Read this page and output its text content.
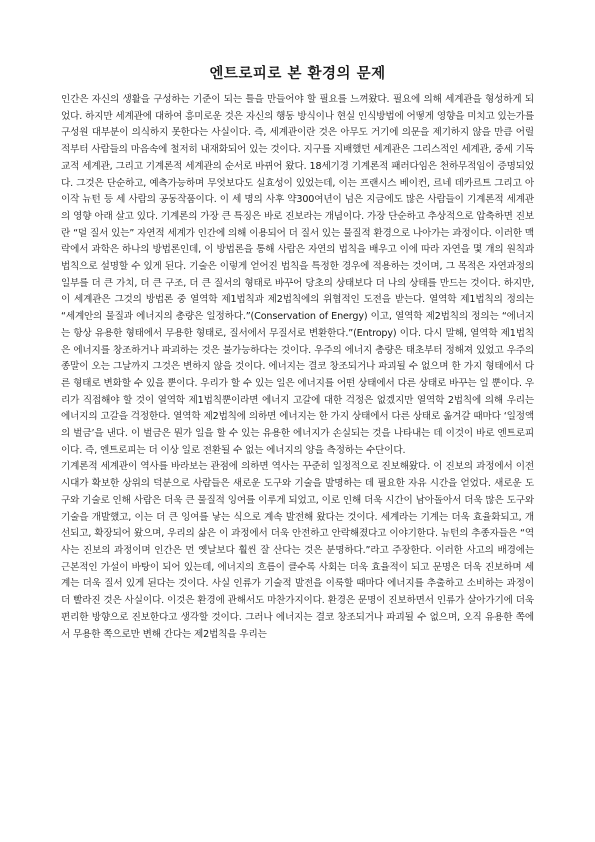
엔트로피로 본 환경의 문제

인간은 자신의 생활을 구성하는 기준이 되는 틀을 만들어야 할 필요를 느껴왔다. 필요에 의해 세계관을 형성하게 되었다. 하지만 세계관에 대하여 흥미로운 것은 자신의 행동 방식이나 현실 인식방법에 어떻게 영향을 미치고 있는가를 구성원 대부분이 의식하지 못한다는 사실이다. 즉, 세계관이란 것은 아무도 거기에 의문을 제기하지 않을 만큼 어릴 적부터 사람들의 마음속에 철저히 내재화되어 있는 것이다. 지구를 지배했던 세계관은 그리스적인 세계관, 중세 기독교적 세계관, 그리고 기계론적 세계관의 순서로 바뀌어 왔다. 18세기경 기계론적 패러다임은 천하무적임이 증명되었다. 그것은 단순하고, 예측가능하며 무엇보다도 실효성이 있었는데, 이는 프랜시스 베이컨, 르네 데카르트 그리고 아이작 뉴턴 등 세 사람의 공동작품이다. 이 세 명의 사후 약300여년이 넘은 지금에도 많은 사람들이 기계론적 세계관의 영향 아래 살고 있다. 기계론의 가장 큰 특징은 바로 진보라는 개념이다. 가장 단순하고 추상적으로 압축하면 진보란 “덜 질서 있는” 자연적 세계가 인간에 의해 이용되어 더 질서 있는 물질적 환경으로 나아가는 과정이다. 이러한 맥락에서 과학은 하나의 방법론인데, 이 방법론을 통해 사람은 자연의 법칙을 배우고 이에 따라 자연을 몇 개의 원칙과 법칙으로 설명할 수 있게 된다. 기술은 이렇게 얻어진 법칙을 특정한 경우에 적용하는 것이며, 그 목적은 자연과정의 일부를 더 큰 가치, 더 큰 구조, 더 큰 질서의 형태로 바꾸어 당초의 상태보다 더 나의 상태를 만드는 것이다. 하지만, 이 세계관은 그것의 방법론 중 열역학 제1법칙과 제2법칙에의 위협적인 도전을 받는다. 열역학 제1법칙의 정의는 “세계안의 물질과 에너지의 총량은 일정하다.”(Conservation of Energy) 이고, 열역학 제2법칙의 정의는 “에너지는 항상 유용한 형태에서 무용한 형태로, 질서에서 무질서로 변환한다.”(Entropy) 이다. 다시 말해, 열역학 제1법칙은 에너지를 창조하거나 파괴하는 것은 불가능하다는 것이다. 우주의 에너지 총량은 태초부터 정해져 있었고 우주의 종말이 오는 그날까지 그것은 변하지 않을 것이다. 에너지는 결코 창조되거나 파괴될 수 없으며 한 가지 형태에서 다른 형태로 변화할 수 있을 뿐이다. 우리가 할 수 있는 일은 에너지를 어떤 상태에서 다른 상태로 바꾸는 일 뿐이다. 우리가 직접해야 할 것이 열역학 제1법칙뿐이라면 에너지 고갈에 대한 걱정은 없겠지만 열역학 2법칙에 의해 우리는 에너지의 고갈을 걱정한다. 열역학 제2법칙에 의하면 에너지는 한 가지 상태에서 다른 상태로 옮겨갈 때마다 ‘일정액의 벌금’을 낸다. 이 벌금은 뭔가 일을 할 수 있는 유용한 에너지가 손실되는 것을 나타내는 데 이것이 바로 엔트로피이다. 즉, 엔트로피는 더 이상 일로 전환될 수 없는 에너지의 양을 측정하는 수단이다.

기계론적 세계관이 역사를 바라보는 관점에 의하면 역사는 꾸준히 일정적으로 진보해왔다. 이 진보의 과정에서 이전 시대가 확보한 상위의 덕분으로 사람들은 새로운 도구와 기술을 발명하는 데 필요한 자유 시간을 얻었다. 새로운 도구와 기술로 인해 사람은 더욱 큰 물질적 잉여를 이루게 되었고, 이로 인해 더욱 시간이 남아돌아서 더욱 많은 도구와 기술을 개발했고, 이는 더 큰 잉여를 낳는 식으로 계속 발전해 왔다는 것이다. 세계라는 기계는 더욱 효율화되고, 개선되고, 확장되어 왔으며, 우리의 삶은 이 과정에서 더욱 안전하고 안락해졌다고 이야기한다. 뉴턴의 추종자들은 “역사는 진보의 과정이며 인간은 먼 옛날보다 훨씬 잘 산다는 것은 분명하다.”라고 주장한다. 이러한 사고의 배경에는 근본적인 가설이 바탕이 되어 있는데, 에너지의 흐름이 클수록 사회는 더욱 효율적이 되고 문명은 더욱 진보하며 세계는 더욱 질서 있게 된다는 것이다. 사실 인류가 기술적 발전을 이룩할 때마다 에너지를 추출하고 소비하는 과정이 더 빨라진 것은 사실이다. 이것은 환경에 관해서도 마찬가지이다. 환경은 문명이 진보하면서 인류가 살아가기에 더욱 편리한 방향으로 진보한다고 생각할 것이다. 그러나 에너지는 결코 창조되거나 파괴될 수 없으며, 오직 유용한 쪽에서 무용한 쪽으로만 변해 간다는 제2법칙을 우리는
